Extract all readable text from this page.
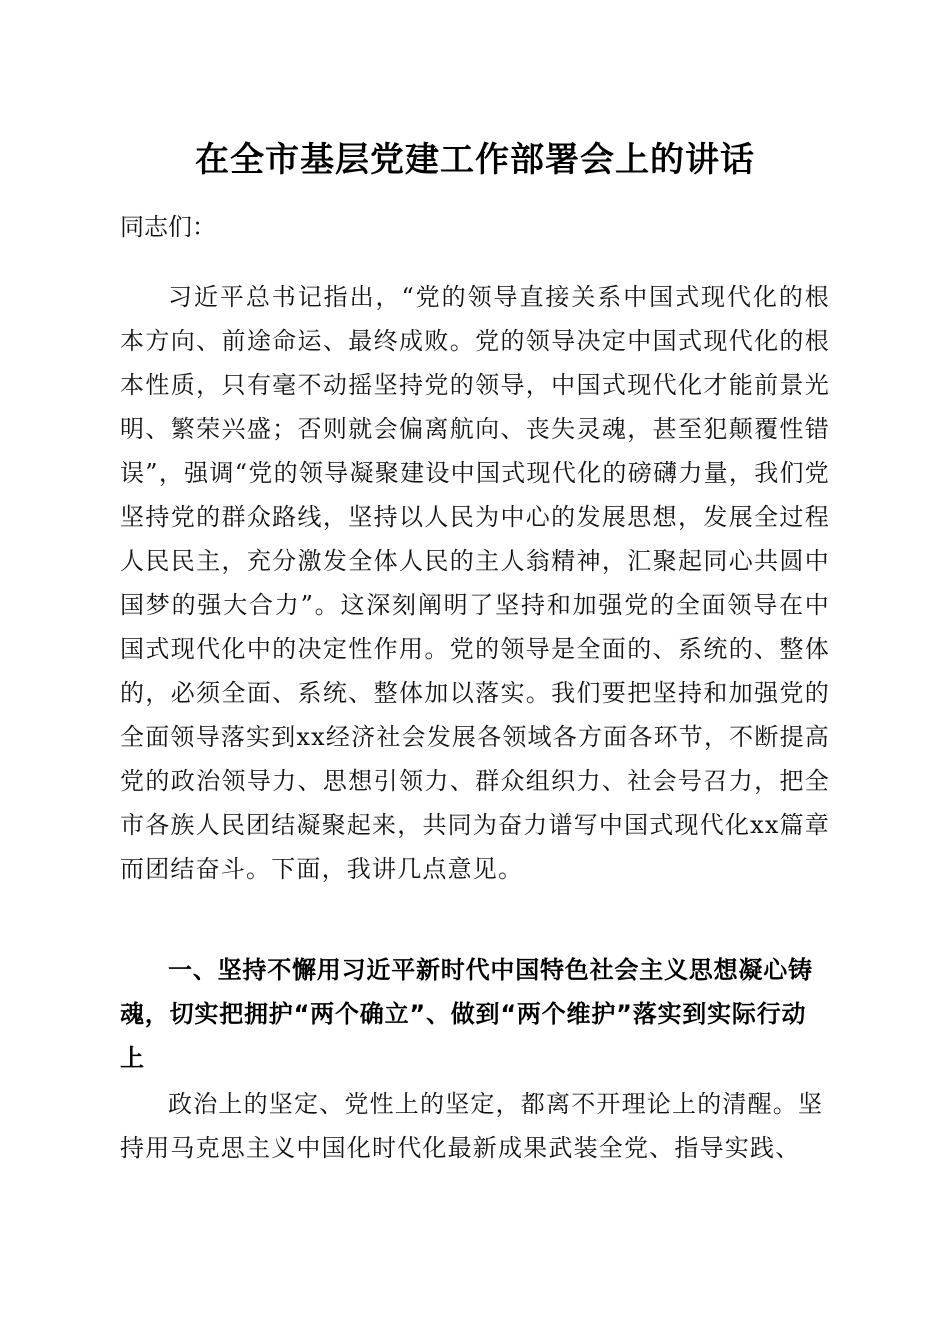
在全市基层党建工作部署会上的讲话
同志们：
习近平总书记指出，“党的领导直接关系中国式现代化的根本方向、前途命运、最终成败。党的领导决定中国式现代化的根本性质，只有毫不动摇坚持党的领导，中国式现代化才能前景光明、繁荣兴盛；否则就会偏离航向、丧失灵魂，甚至犯颠覆性错误”，强调“党的领导凝聚建设中国式现代化的磅礴力量，我们党坚持党的群众路线，坚持以人民为中心的发展思想，发展全过程人民民主，充分激发全体人民的主人翁精神，汇聚起同心共圆中国梦的强大合力”。这深刻阐明了坚持和加强党的全面领导在中国式现代化中的决定性作用。党的领导是全面的、系统的、整体的，必须全面、系统、整体加以落实。我们要把坚持和加强党的全面领导落实到xx经济社会发展各领域各方面各环节，不断提高党的政治领导力、思想引领力、群众组织力、社会号召力，把全市各族人民团结凝聚起来，共同为奋力谱写中国式现代化xx篇章而团结奋斗。下面，我讲几点意见。
一、坚持不懈用习近平新时代中国特色社会主义思想凝心铸魂，切实把拥护“两个确立”、做到“两个维护”落实到实际行动上
政治上的坚定、党性上的坚定，都离不开理论上的清醒。坚持用马克思主义中国化时代化最新成果武装全党、指导实践、
